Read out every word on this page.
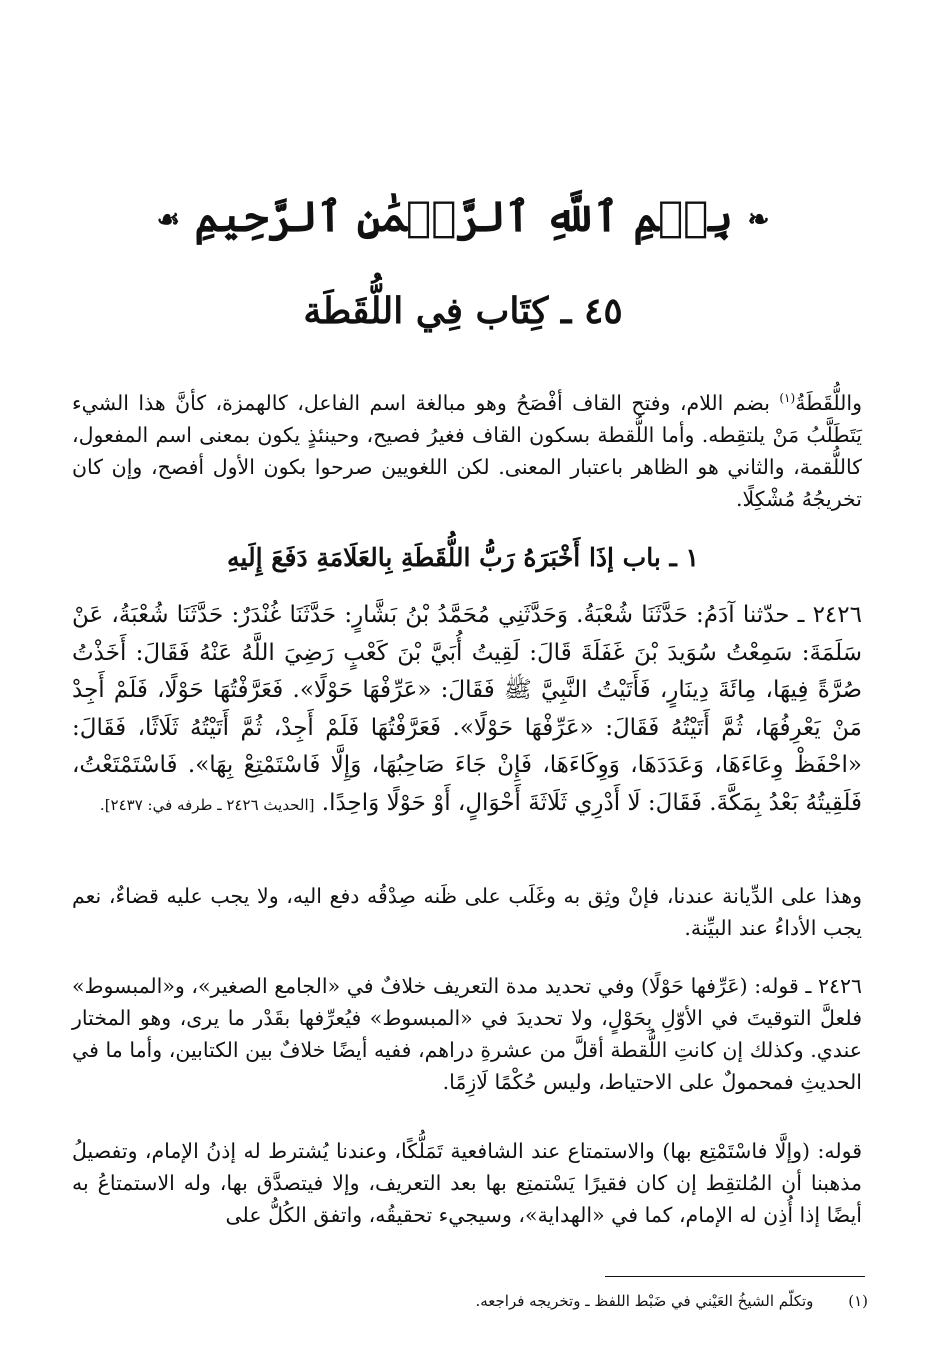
❧ بِسۡمِ ٱللَّهِ ٱلرَّحۡمَٰنِ ٱلرَّحِيمِ ☙
٤٥ ـ كِتَاب فِي اللُّقَطَة

واللُّقَطَةُ$^{(١)}$ بضم اللام، وفتح القاف أفْصَحُ وهو مبالغة اسم الفاعل، كالهمزة، كأنَّ هذا الشيء يَتَطَلَّبُ مَنْ يلتقِطه. وأما اللُّقطة بسكون القاف فغيرُ فصيح، وحينئذٍ يكون بمعنى اسم المفعول، كاللُّقمة، والثاني هو الظاهر باعتبار المعنى. لكن اللغويين صرحوا بكون الأول أفصح، وإن كان تخريجُهُ مُشْكِلًا.

١ ـ باب إذَا أَخْبَرَهُ رَبُّ اللُّقَطَةِ بِالعَلَامَةِ دَفَعَ إِلَيهِ

٢٤٢٦ ـ حدّثنا آدَمُ: حَدَّثَنَا شُعْبَةُ. وَحَدَّثَنِي مُحَمَّدُ بْنُ بَشَّارٍ: حَدَّثَنَا غُنْدَرٌ: حَدَّثَنَا شُعْبَةُ، عَنْ سَلَمَةَ: سَمِعْتُ سُوَيدَ بْنَ غَفَلَةَ قَالَ: لَقِيتُ أُبَيَّ بْنَ كَعْبٍ رَضِيَ اللَّهُ عَنْهُ فَقَالَ: أَخَذْتُ صُرَّةً فِيهَا، مِائَةَ دِينَارٍ، فَأَتَيْتُ النَّبِيَّ ﷺ فَقَالَ: «عَرِّفْهَا حَوْلًا». فَعَرَّفْتُهَا حَوْلًا، فَلَمْ أَجِدْ مَنْ يَعْرِفُهَا، ثُمَّ أَتَيْتُهُ فَقَالَ: «عَرِّفْهَا حَوْلًا». فَعَرَّفْتُهَا فَلَمْ أَجِدْ، ثُمَّ أَتَيْتُهُ ثَلَاثًا، فَقَالَ: «احْفَظْ وِعَاءَهَا، وَعَدَدَهَا، وَوِكَاءَهَا، فَإِنْ جَاءَ صَاحِبُهَا، وَإِلَّا فَاسْتَمْتِعْ بِهَا». فَاسْتَمْتَعْتُ، فَلَقِيتُهُ بَعْدُ بِمَكَّةَ. فَقَالَ: لَا أَدْرِي ثَلَاثَةَ أَحْوَالٍ، أَوْ حَوْلًا وَاحِدًا. [الحديث ٢٤٢٦ ـ طرفه في: ٢٤٣٧].

وهذا على الدِّيانة عندنا، فإنْ وثِق به وغَلَب على ظَنه صِدْقُه دفع اليه، ولا يجب عليه قضاءٌ، نعم يجب الأداءُ عند البيِّنة.

٢٤٢٦ ـ قوله: (عَرِّفها حَوْلًا) وفي تحديد مدة التعريف خلافٌ في «الجامع الصغير»، و«المبسوط» فلعلَّ التوقيتَ في الأوّلِ بِحَوْلٍ، ولا تحديدَ في «المبسوط» فيُعرِّفها بقَدْر ما يرى، وهو المختار عندي. وكذلك إن كانتِ اللُّقطة أقلَّ من عشرةِ دراهم، ففيه أيضًا خلافٌ بين الكتابين، وأما ما في الحديثِ فمحمولٌ على الاحتياط، وليس حُكْمًا لَازِمًا.

قوله: (وإلَّا فاسْتَمْتِع بها) والاستمتاع عند الشافعية تَمَلُّكًا، وعندنا يُشترط له إذنُ الإمام، وتفصيلُ مذهبنا أن المُلتقِط إن كان فقيرًا يَسْتمتِع بها بعد التعريف، وإلا فيتصدَّق بها، وله الاستمتاعُ به أيضًا إذا أُذِن له الإمام، كما في «الهداية»، وسيجيء تحقيقُه، واتفق الكُلُّ على

(١) وتكلّم الشيخُ العَيْني في ضَبْط اللفظ ـ وتخريجه فراجعه.
